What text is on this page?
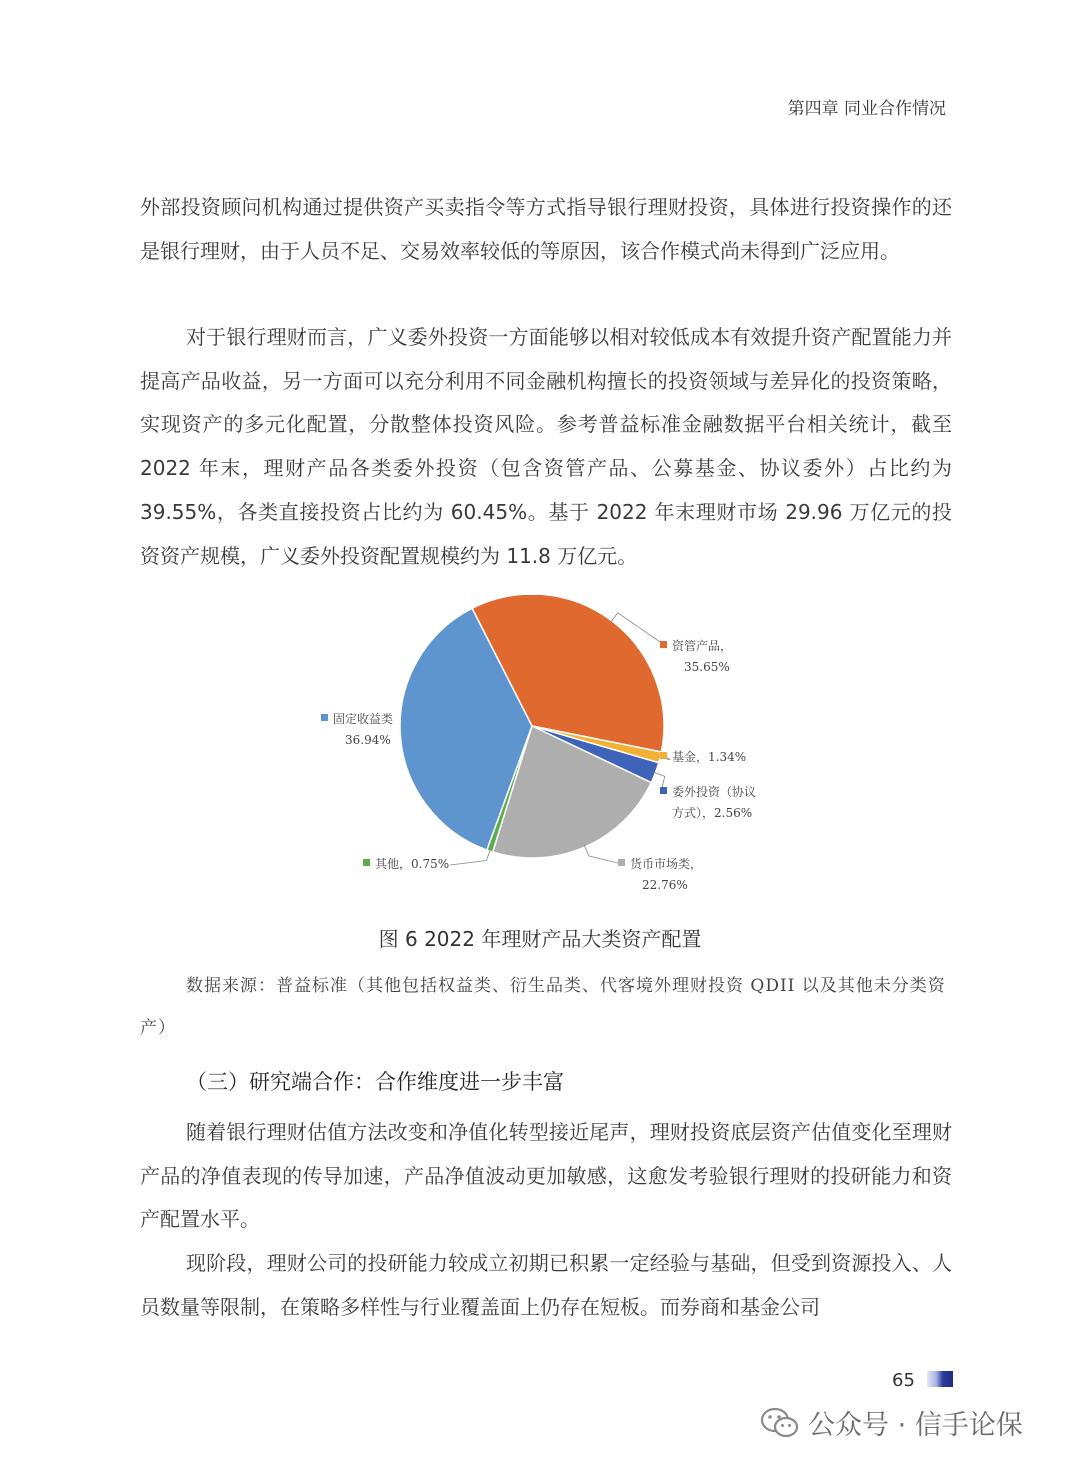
第四章 同业合作情况

外部投资顾问机构通过提供资产买卖指令等方式指导银行理财投资，具体进行投资操作的还是银行理财，由于人员不足、交易效率较低的等原因，该合作模式尚未得到广泛应用。

对于银行理财而言，广义委外投资一方面能够以相对较低成本有效提升资产配置能力并提高产品收益，另一方面可以充分利用不同金融机构擅长的投资领域与差异化的投资策略，实现资产的多元化配置，分散整体投资风险。参考普益标准金融数据平台相关统计，截至 2022 年末，理财产品各类委外投资（包含资管产品、公募基金、协议委外）占比约为 39.55%，各类直接投资占比约为 60.45%。基于 2022 年末理财市场 29.96 万亿元的投资资产规模，广义委外投资配置规模约为 11.8 万亿元。

资管产品，
35.65%
基金，1.34%
委外投资（协议
方式），2.56%
货币市场类，
22.76%
其他，0.75%
固定收益类
36.94%
图 6 2022 年理财产品大类资产配置

数据来源：普益标准（其他包括权益类、衍生品类、代客境外理财投资 QDII 以及其他未分类资产）

（三）研究端合作：合作维度进一步丰富

随着银行理财估值方法改变和净值化转型接近尾声，理财投资底层资产估值变化至理财产品的净值表现的传导加速，产品净值波动更加敏感，这愈发考验银行理财的投研能力和资产配置水平。

现阶段，理财公司的投研能力较成立初期已积累一定经验与基础，但受到资源投入、人员数量等限制，在策略多样性与行业覆盖面上仍存在短板。而券商和基金公司

65
公众号 · 信手论保
